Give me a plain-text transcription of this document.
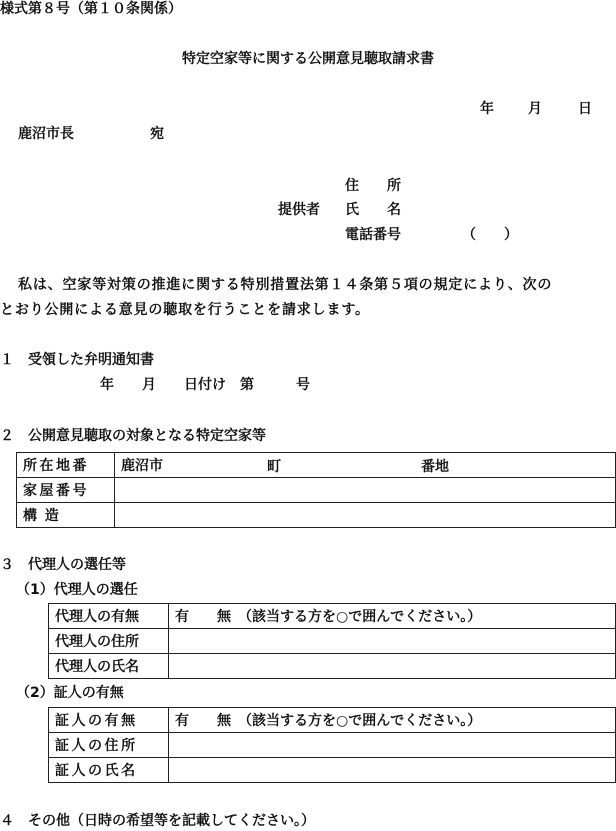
様式第８号（第１０条関係）
特定空家等に関する公開意見聴取請求書
年 月	日
鹿沼市長	宛
住　　所
提供者 氏　　名
電話番号	（　　）
私は、空家等対策の推進に関する特別措置法第１４条第５項の規定により、次の
とおり公開による意見の聴取を行うことを請求します。
１　受領した弁明通知書
年　　月　　日付け　第　　　号
２　公開意見聴取の対象となる特定空家等
所在地番	鹿沼市 町 番地

家屋番号	
構造	
３　代理人の選任等
（1）代理人の選任
代理人の有無	有　　無　（該当する方を○で囲んでください。）
代理人の住所	
代理人の氏名	
（2）証人の有無
証人の有無	有　　無　（該当する方を○で囲んでください。）
証人の住所	
証人の氏名	
４　その他（日時の希望等を記載してください。）
